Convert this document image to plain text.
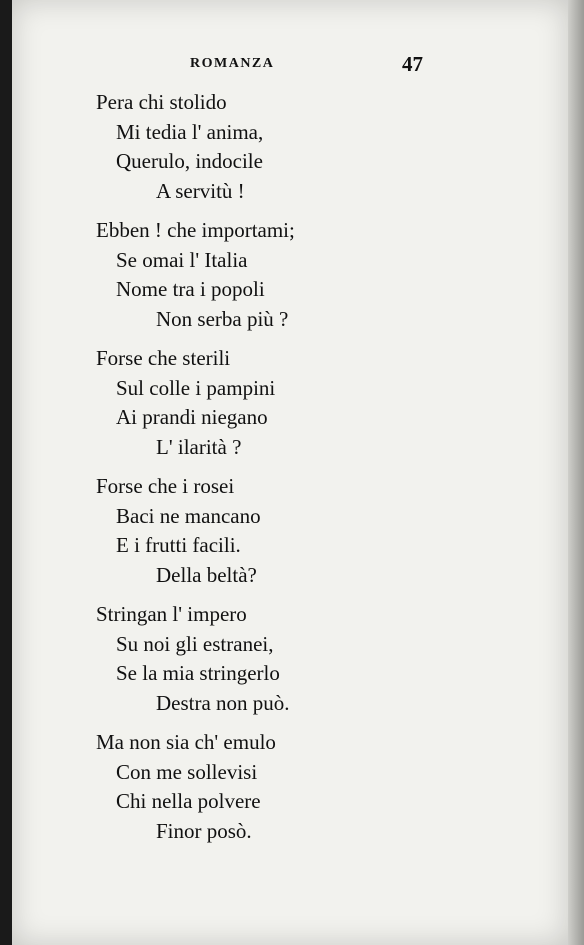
ROMANZA	47
Pera chi stolido
Mi tedia l' anima,
Querulo, indocile
A servitù !
Ebben ! che importami;
Se omai l' Italia
Nome tra i popoli
Non serba più ?
Forse che sterili
Sul colle i pampini
Ai prandi niegano
L' ilarità ?
Forse che i rosei
Baci ne mancano
E i frutti facili.
Della beltà?
Stringan l' impero
Su noi gli estranei,
Se la mia stringerlo
Destra non può.
Ma non sia ch' emulo
Con me sollevisi
Chi nella polvere
Finor posò.
